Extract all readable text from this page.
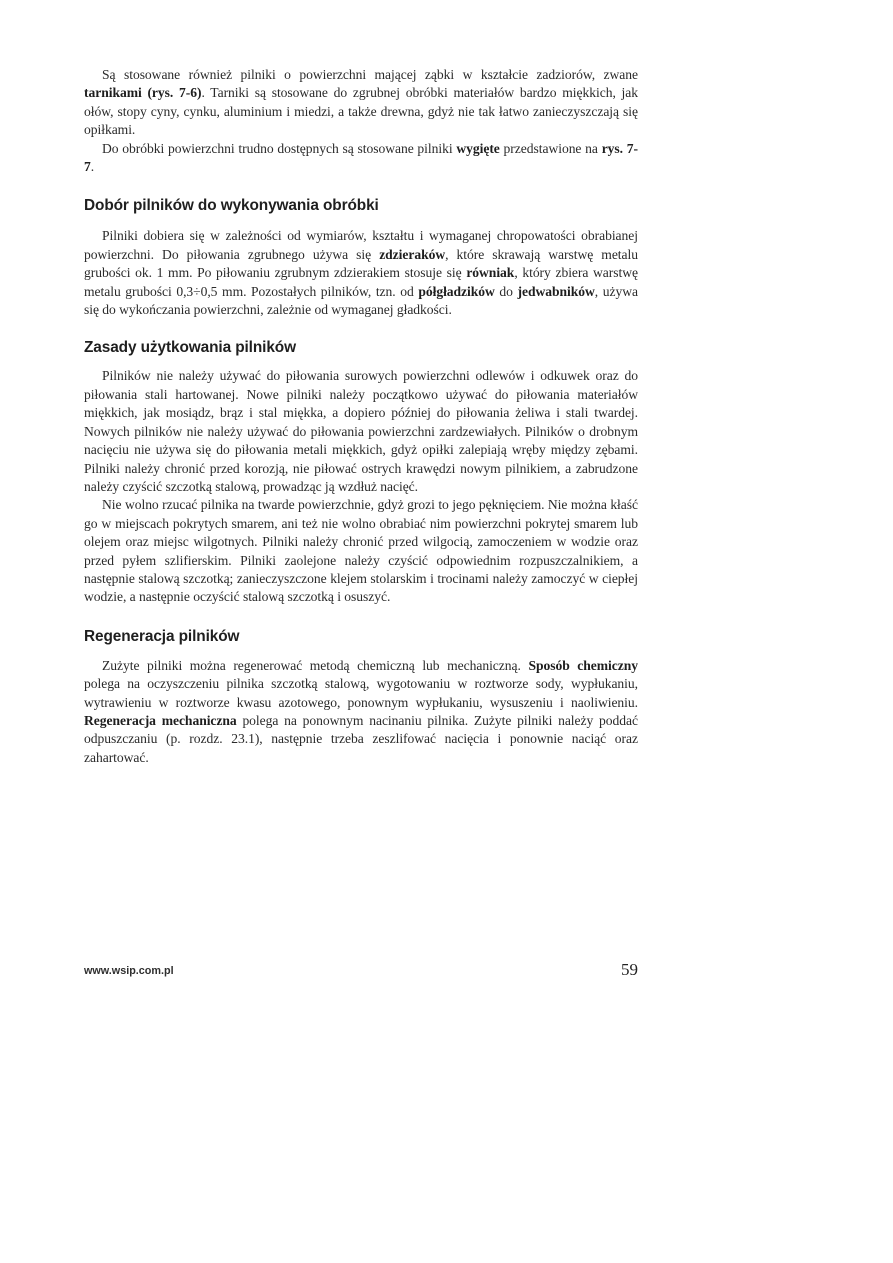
Są stosowane również pilniki o powierzchni mającej ząbki w kształcie zadziorów, zwane tarnikami (rys. 7-6). Tarniki są stosowane do zgrubnej obróbki materiałów bardzo miękkich, jak ołów, stopy cyny, cynku, aluminium i miedzi, a także drewna, gdyż nie tak łatwo zanieczyszczają się opiłkami.

Do obróbki powierzchni trudno dostępnych są stosowane pilniki wygięte przedstawione na rys. 7-7.

Dobór pilników do wykonywania obróbki

Pilniki dobiera się w zależności od wymiarów, kształtu i wymaganej chropowatości obrabianej powierzchni. Do piłowania zgrubnego używa się zdzieraków, które skrawają warstwę metalu grubości ok. 1 mm. Po piłowaniu zgrubnym zdzierakiem stosuje się równiak, który zbiera warstwę metalu grubości 0,3÷0,5 mm. Pozostałych pilników, tzn. od półgładzików do jedwabników, używa się do wykończania powierzchni, zależnie od wymaganej gładkości.

Zasady użytkowania pilników

Pilników nie należy używać do piłowania surowych powierzchni odlewów i odkuwek oraz do piłowania stali hartowanej. Nowe pilniki należy początkowo używać do piłowania materiałów miękkich, jak mosiądz, brąz i stal miękka, a dopiero później do piłowania żeliwa i stali twardej. Nowych pilników nie należy używać do piłowania powierzchni zardzewiałych. Pilników o drobnym nacięciu nie używa się do piłowania metali miękkich, gdyż opiłki zalepiają wręby między zębami. Pilniki należy chronić przed korozją, nie piłować ostrych krawędzi nowym pilnikiem, a zabrudzone należy czyścić szczotką stalową, prowadząc ją wzdłuż nacięć.

Nie wolno rzucać pilnika na twarde powierzchnie, gdyż grozi to jego pęknięciem. Nie można kłaść go w miejscach pokrytych smarem, ani też nie wolno obrabiać nim powierzchni pokrytej smarem lub olejem oraz miejsc wilgotnych. Pilniki należy chronić przed wilgocią, zamoczeniem w wodzie oraz przed pyłem szlifierskim. Pilniki zaolejone należy czyścić odpowiednim rozpuszczalnikiem, a następnie stalową szczotką; zanieczyszczone klejem stolarskim i trocinami należy zamoczyć w ciepłej wodzie, a następnie oczyścić stalową szczotką i osuszyć.

Regeneracja pilników

Zużyte pilniki można regenerować metodą chemiczną lub mechaniczną. Sposób chemiczny polega na oczyszczeniu pilnika szczotką stalową, wygotowaniu w roztworze sody, wypłukaniu, wytrawieniu w roztworze kwasu azotowego, ponownym wypłukaniu, wysuszeniu i naoliwieniu. Regeneracja mechaniczna polega na ponownym nacinaniu pilnika. Zużyte pilniki należy poddać odpuszczaniu (p. rozdz. 23.1), następnie trzeba zeszlifować nacięcia i ponownie naciąć oraz zahartować.

www.wsip.com.pl	59
